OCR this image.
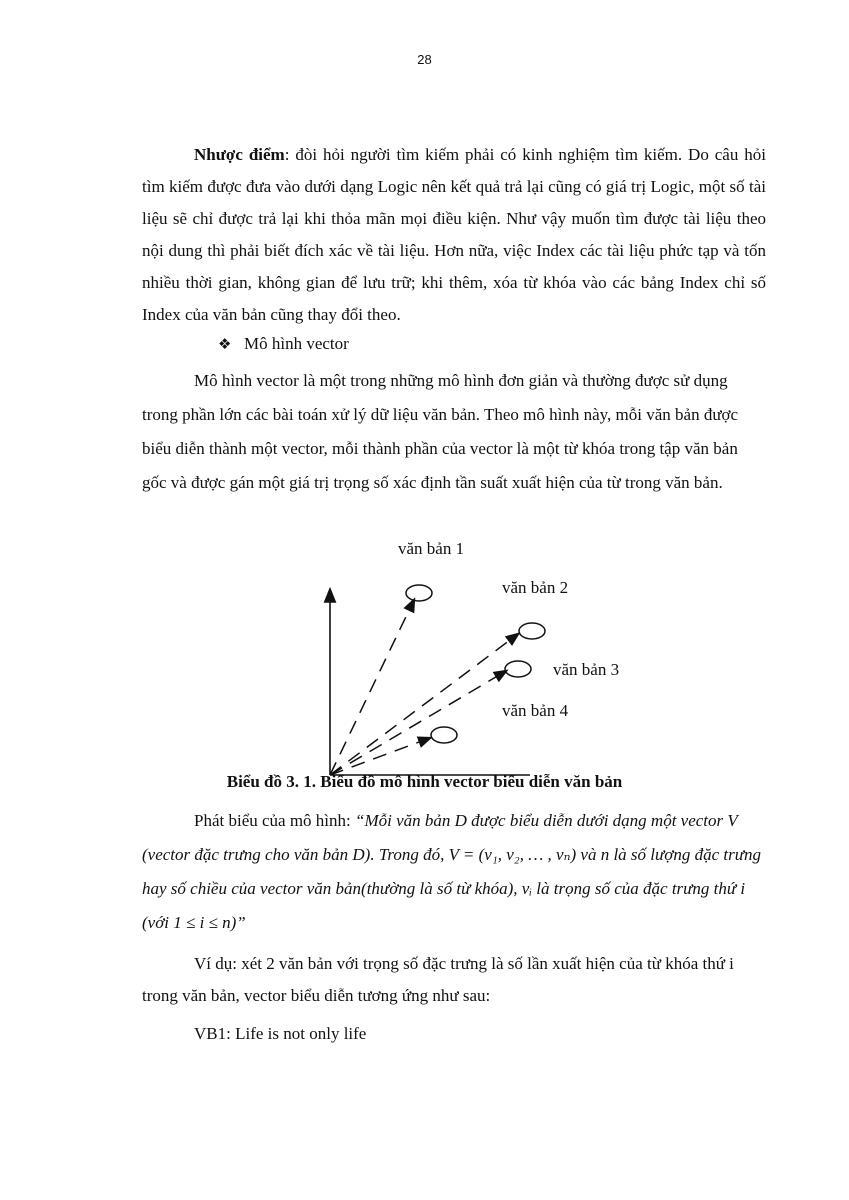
28

Nhược điểm: đòi hỏi người tìm kiếm phải có kinh nghiệm tìm kiếm. Do câu hỏi tìm kiếm được đưa vào dưới dạng Logic nên kết quả trả lại cũng có giá trị Logic, một số tài liệu sẽ chỉ được trả lại khi thỏa mãn mọi điều kiện. Như vậy muốn tìm được tài liệu theo nội dung thì phải biết đích xác về tài liệu. Hơn nữa, việc Index các tài liệu phức tạp và tốn nhiều thời gian, không gian để lưu trữ; khi thêm, xóa từ khóa vào các bảng Index chỉ số Index của văn bản cũng thay đổi theo.

❖ Mô hình vector

Mô hình vector là một trong những mô hình đơn giản và thường được sử dụng trong phần lớn các bài toán xử lý dữ liệu văn bản. Theo mô hình này, mỗi văn bản được biểu diễn thành một vector, mỗi thành phần của vector là một từ khóa trong tập văn bản gốc và được gán một giá trị trọng số xác định tần suất xuất hiện của từ trong văn bản.

văn bản 1
văn bản 2
văn bản 3
văn bản 4
Biểu đồ 3. 1. Biểu đồ mô hình vector biểu diễn văn bản

Phát biểu của mô hình: “Mỗi văn bản D được biểu diễn dưới dạng một vector V (vector đặc trưng cho văn bản D). Trong đó, V = (v₁, v₂, … , vₙ) và n là số lượng đặc trưng hay số chiều của vector văn bản(thường là số từ khóa), vᵢ là trọng số của đặc trưng thứ i (với 1 ≤ i ≤ n)”

Ví dụ: xét 2 văn bản với trọng số đặc trưng là số lần xuất hiện của từ khóa thứ i trong văn bản, vector biểu diễn tương ứng như sau:

VB1: Life is not only life
